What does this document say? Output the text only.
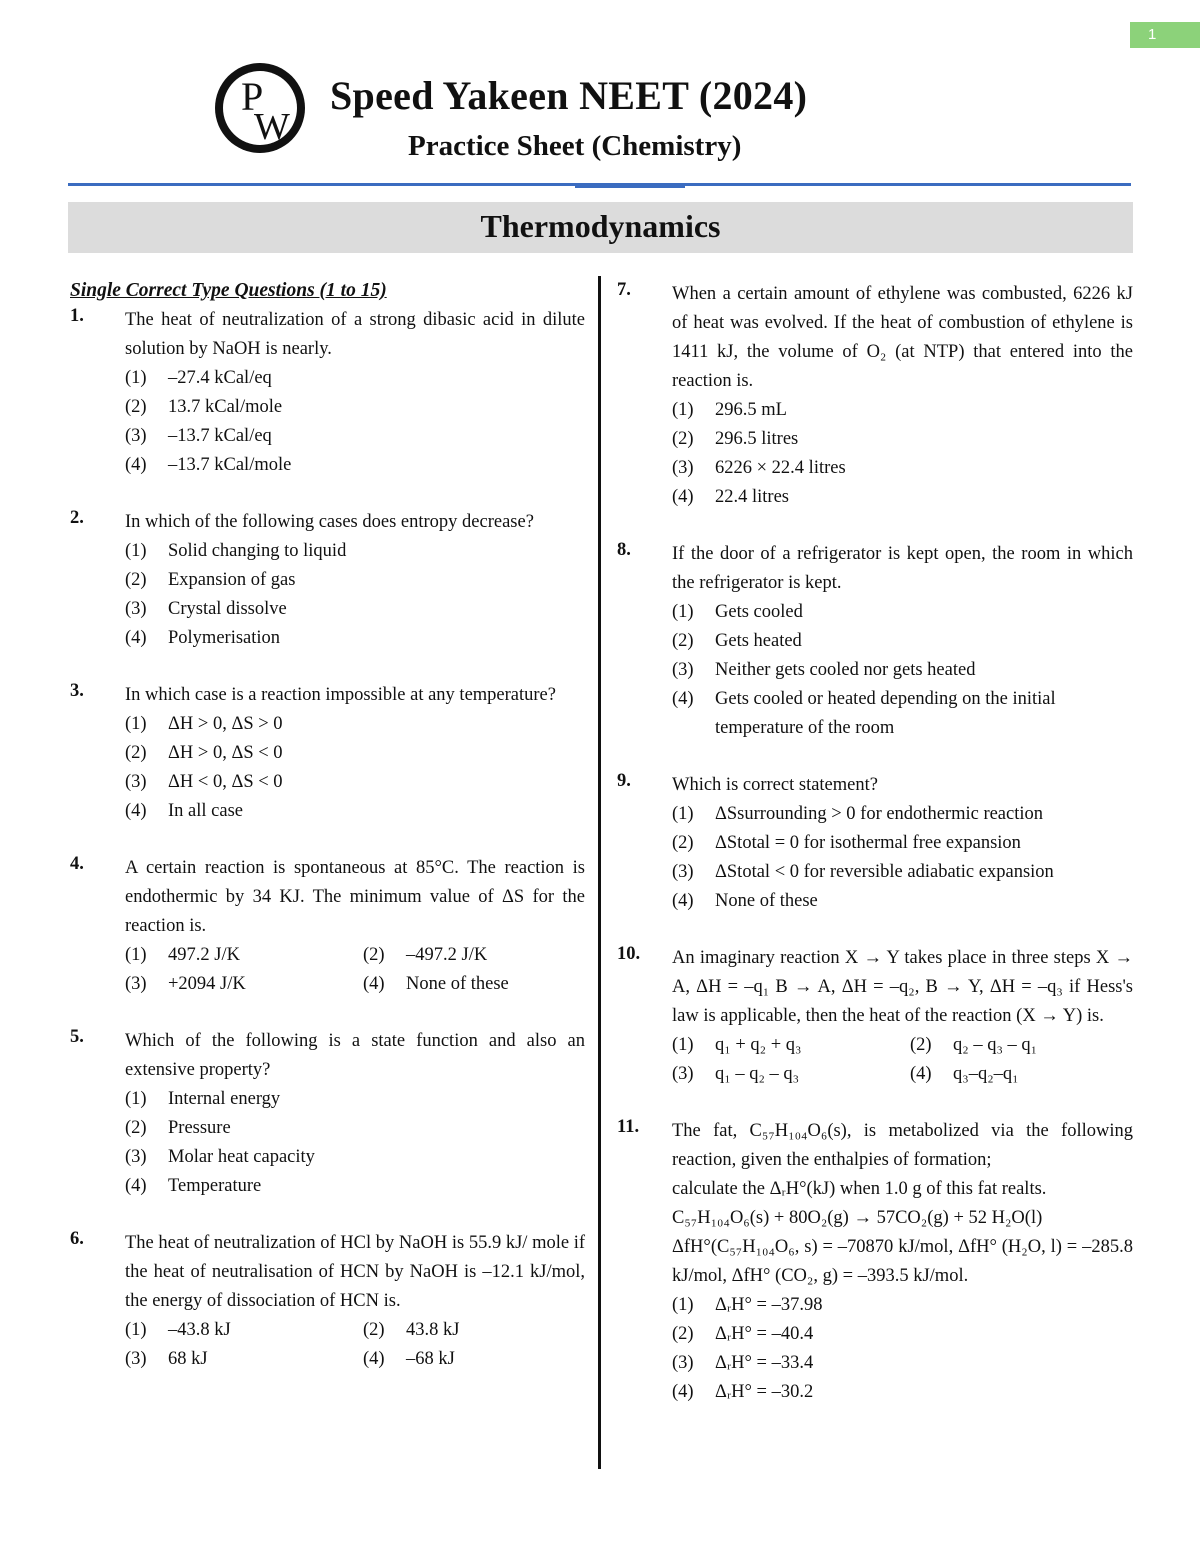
1
P
W
Speed Yakeen NEET (2024)
Practice Sheet (Chemistry)
Thermodynamics
Single Correct Type Questions (1 to 15)
1. The heat of neutralization of a strong dibasic acid in dilute solution by NaOH is nearly.
(1) –27.4 kCal/eq
(2) 13.7 kCal/mole
(3) –13.7 kCal/eq
(4) –13.7 kCal/mole
2. In which of the following cases does entropy decrease?
(1) Solid changing to liquid
(2) Expansion of gas
(3) Crystal dissolve
(4) Polymerisation
3. In which case is a reaction impossible at any temperature?
(1) ΔH > 0, ΔS > 0
(2) ΔH > 0, ΔS < 0
(3) ΔH < 0, ΔS < 0
(4) In all case
4. A certain reaction is spontaneous at 85°C. The reaction is endothermic by 34 KJ. The minimum value of ΔS for the reaction is.
(1) 497.2 J/K	(2) –497.2 J/K
(3) +2094 J/K	(4) None of these
5. Which of the following is a state function and also an extensive property?
(1) Internal energy
(2) Pressure
(3) Molar heat capacity
(4) Temperature
6. The heat of neutralization of HCl by NaOH is 55.9 kJ/ mole if the heat of neutralisation of HCN by NaOH is –12.1 kJ/mol, the energy of dissociation of HCN is.
(1) –43.8 kJ	(2) 43.8 kJ
(3) 68 kJ	(4) –68 kJ
7. When a certain amount of ethylene was combusted, 6226 kJ of heat was evolved. If the heat of combustion of ethylene is 1411 kJ, the volume of O₂ (at NTP) that entered into the reaction is.
(1) 296.5 mL
(2) 296.5 litres
(3) 6226 × 22.4 litres
(4) 22.4 litres
8. If the door of a refrigerator is kept open, the room in which the refrigerator is kept.
(1) Gets cooled
(2) Gets heated
(3) Neither gets cooled nor gets heated
(4) Gets cooled or heated depending on the initial temperature of the room
9. Which is correct statement?
(1) ΔSsurrounding > 0 for endothermic reaction
(2) ΔStotal = 0 for isothermal free expansion
(3) ΔStotal < 0 for reversible adiabatic expansion
(4) None of these
10. An imaginary reaction X → Y takes place in three steps X → A, ΔH = –q₁ B → A, ΔH = –q₂, B → Y, ΔH = –q₃ if Hess's law is applicable, then the heat of the reaction (X → Y) is.
(1) q₁ + q₂ + q₃	(2) q₂ – q₃ – q₁
(3) q₁ – q₂ – q₃	(4) q₃–q₂–q₁
11. The fat, C₅₇H₁₀₄O₆(s), is metabolized via the following reaction, given the enthalpies of formation;
calculate the ΔᵣH°(kJ) when 1.0 g of this fat realts.
C₅₇H₁₀₄O₆(s) + 80O₂(g) → 57CO₂(g) + 52 H₂O(l)
ΔfH°(C₅₇H₁₀₄O₆, s) = –70870 kJ/mol, ΔfH° (H₂O, l) = –285.8 kJ/mol, ΔfH° (CO₂, g) = –393.5 kJ/mol.
(1) ΔᵣH° = –37.98
(2) ΔᵣH° = –40.4
(3) ΔᵣH° = –33.4
(4) ΔᵣH° = –30.2
